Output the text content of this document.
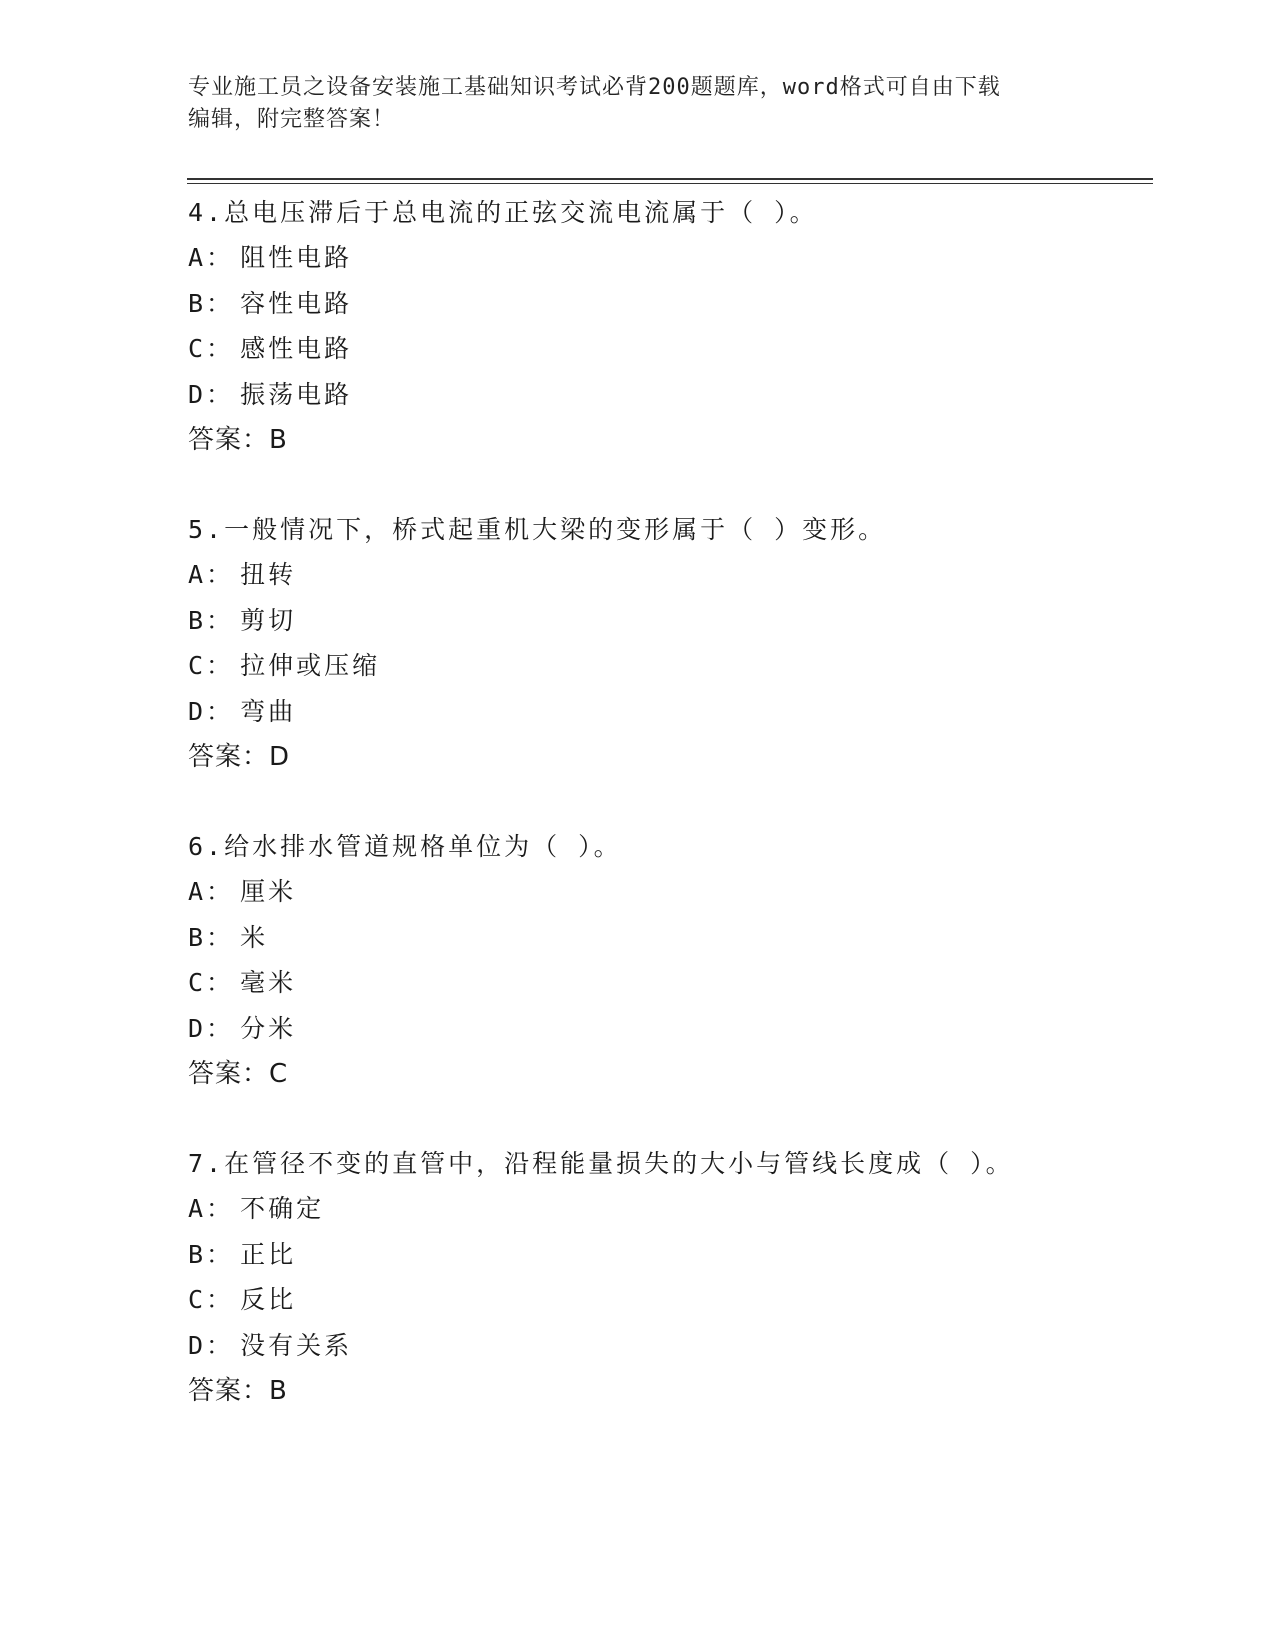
专业施工员之设备安装施工基础知识考试必背200题题库，word格式可自由下载
编辑，附完整答案！
4.总电压滞后于总电流的正弦交流电流属于（ ）。
A： 阻性电路
B： 容性电路
C： 感性电路
D： 振荡电路
答案：B
5.一般情况下，桥式起重机大梁的变形属于（ ）变形。
A： 扭转
B： 剪切
C： 拉伸或压缩
D： 弯曲
答案：D
6.给水排水管道规格单位为（ ）。
A： 厘米
B： 米
C： 毫米
D： 分米
答案：C
7.在管径不变的直管中，沿程能量损失的大小与管线长度成（ ）。
A： 不确定
B： 正比
C： 反比
D： 没有关系
答案：B
